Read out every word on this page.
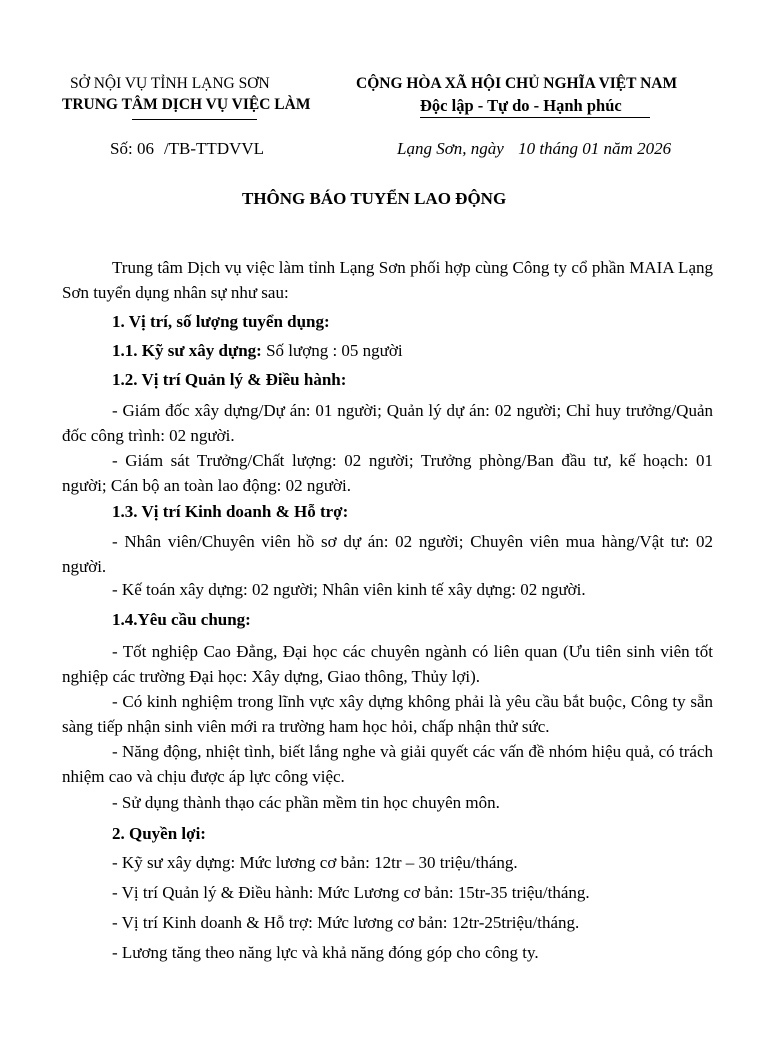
SỞ NỘI VỤ TỈNH LẠNG SƠN
TRUNG TÂM DỊCH VỤ VIỆC LÀM
CỘNG HÒA XÃ HỘI CHỦ NGHĨA VIỆT NAM
Độc lập - Tự do - Hạnh phúc
Số: 06 /TB-TTDVVL	Lạng Sơn, ngày 10 tháng 01 năm 2026
THÔNG BÁO TUYỂN LAO ĐỘNG
Trung tâm Dịch vụ việc làm tỉnh Lạng Sơn phối hợp cùng Công ty cổ phần MAIA Lạng Sơn tuyển dụng nhân sự như sau:
1. Vị trí, số lượng tuyển dụng:
1.1. Kỹ sư xây dựng: Số lượng : 05 người
1.2. Vị trí Quản lý & Điều hành:
- Giám đốc xây dựng/Dự án: 01 người; Quản lý dự án: 02 người; Chỉ huy trưởng/Quản đốc công trình: 02 người.
- Giám sát Trưởng/Chất lượng: 02 người; Trưởng phòng/Ban đầu tư, kế hoạch: 01 người; Cán bộ an toàn lao động: 02 người.
1.3. Vị trí Kinh doanh & Hỗ trợ:
- Nhân viên/Chuyên viên hồ sơ dự án: 02 người; Chuyên viên mua hàng/Vật tư: 02 người.
- Kế toán xây dựng: 02 người; Nhân viên kinh tế xây dựng: 02 người.
1.4.Yêu cầu chung:
- Tốt nghiệp Cao Đẳng, Đại học các chuyên ngành có liên quan (Ưu tiên sinh viên tốt nghiệp các trường Đại học: Xây dựng, Giao thông, Thủy lợi).
- Có kinh nghiệm trong lĩnh vực xây dựng không phải là yêu cầu bắt buộc, Công ty sẵn sàng tiếp nhận sinh viên mới ra trường ham học hỏi, chấp nhận thử sức.
- Năng động, nhiệt tình, biết lắng nghe và giải quyết các vấn đề nhóm hiệu quả, có trách nhiệm cao và chịu được áp lực công việc.
- Sử dụng thành thạo các phần mềm tin học chuyên môn.
2. Quyền lợi:
- Kỹ sư xây dựng: Mức lương cơ bản: 12tr – 30 triệu/tháng.
- Vị trí Quản lý & Điều hành: Mức Lương cơ bản: 15tr-35 triệu/tháng.
- Vị trí Kinh doanh & Hỗ trợ: Mức lương cơ bản: 12tr-25triệu/tháng.
- Lương tăng theo năng lực và khả năng đóng góp cho công ty.
